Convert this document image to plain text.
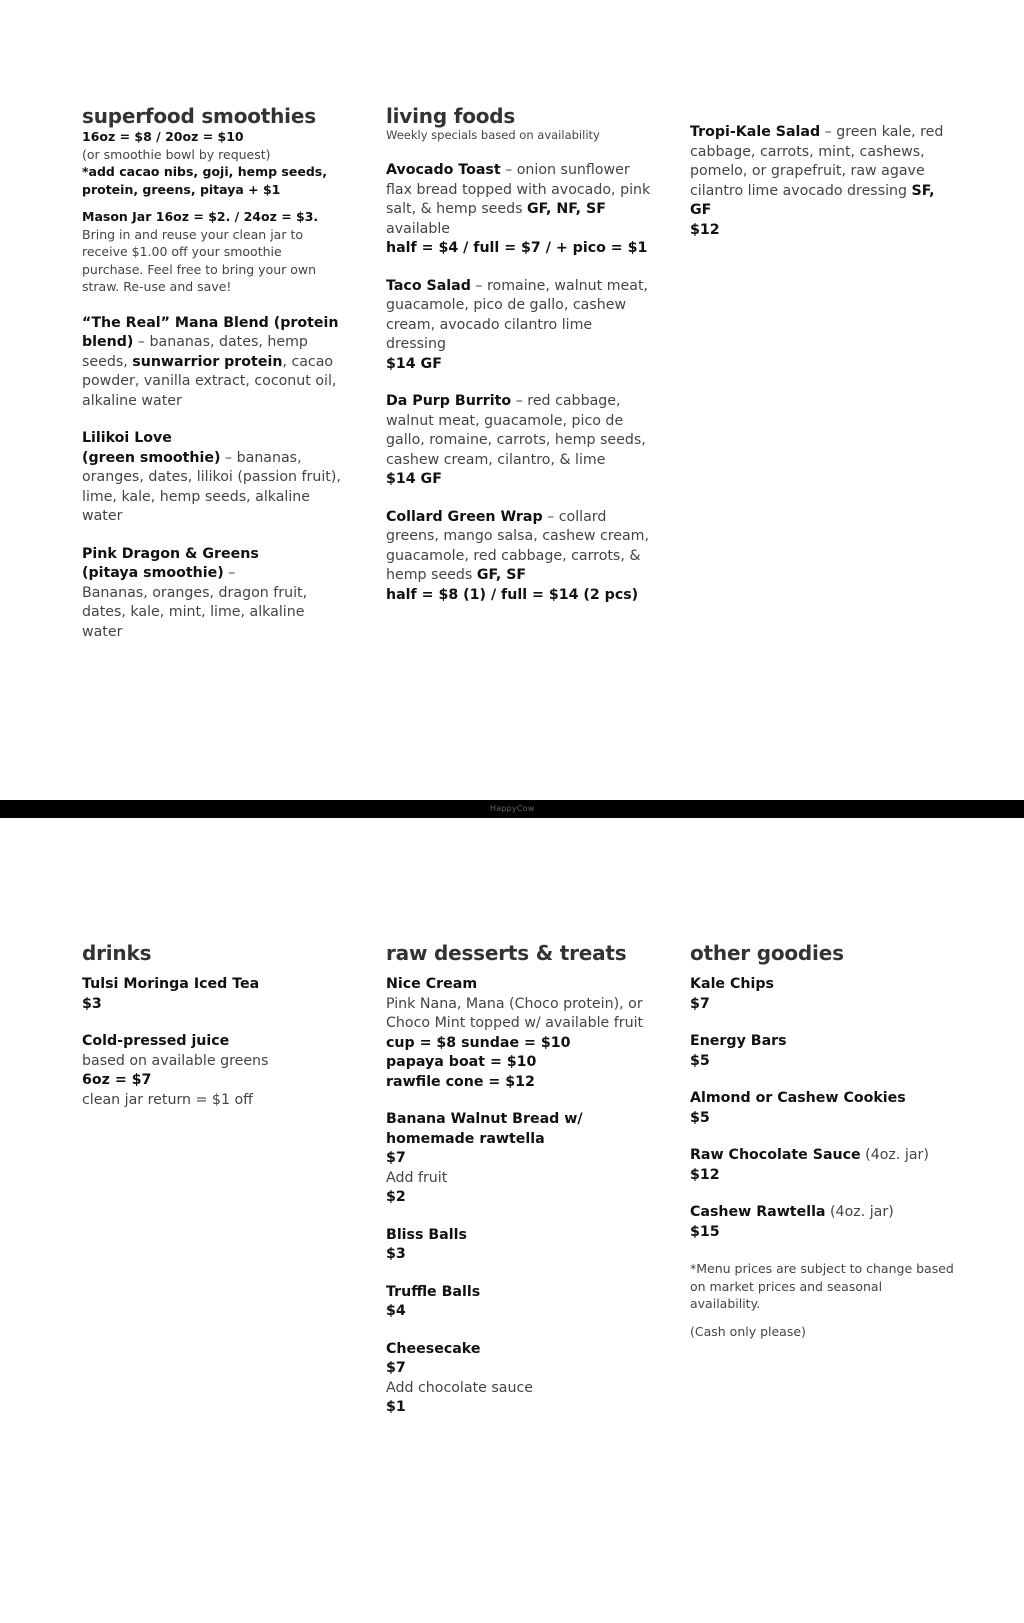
superfood smoothies

16oz = $8 / 20oz = $10

(or smoothie bowl by request)

*add cacao nibs, goji, hemp seeds, protein, greens, pitaya + $1

Mason Jar 16oz = $2. / 24oz = $3.

Bring in and reuse your clean jar to receive $1.00 off your smoothie purchase. Feel free to bring your own straw. Re-use and save!

“The Real” Mana Blend (protein blend) – bananas, dates, hemp seeds, sunwarrior protein, cacao powder, vanilla extract, coconut oil, alkaline water

Lilikoi Love

(green smoothie) – bananas, oranges, dates, lilikoi (passion fruit), lime, kale, hemp seeds, alkaline water

Pink Dragon & Greens

(pitaya smoothie) –

Bananas, oranges, dragon fruit, dates, kale, mint, lime, alkaline water

living foods

Weekly specials based on availability

Avocado Toast – onion sunflower flax bread topped with avocado, pink salt, & hemp seeds GF, NF, SF available

half = $4 / full = $7 / + pico = $1

Taco Salad – romaine, walnut meat, guacamole, pico de gallo, cashew cream, avocado cilantro lime dressing

$14 GF

Da Purp Burrito – red cabbage, walnut meat, guacamole, pico de gallo, romaine, carrots, hemp seeds, cashew cream, cilantro, & lime

$14 GF

Collard Green Wrap – collard greens, mango salsa, cashew cream, guacamole, red cabbage, carrots, & hemp seeds GF, SF

half = $8 (1) / full = $14 (2 pcs)

Tropi-Kale Salad – green kale, red cabbage, carrots, mint, cashews, pomelo, or grapefruit, raw agave cilantro lime avocado dressing SF, GF

$12

HappyCow

drinks

Tulsi Moringa Iced Tea

$3

Cold-pressed juice

based on available greens

6oz = $7

clean jar return = $1 off

raw desserts & treats

Nice Cream

Pink Nana, Mana (Choco protein), or Choco Mint topped w/ available fruit

cup = $8 sundae = $10

papaya boat = $10

rawfile cone = $12

Banana Walnut Bread w/ homemade rawtella

$7

Add fruit

$2

Bliss Balls

$3

Truffle Balls

$4

Cheesecake

$7

Add chocolate sauce

$1

other goodies

Kale Chips

$7

Energy Bars

$5

Almond or Cashew Cookies

$5

Raw Chocolate Sauce (4oz. jar)

$12

Cashew Rawtella (4oz. jar)

$15

*Menu prices are subject to change based on market prices and seasonal availability.

(Cash only please)
